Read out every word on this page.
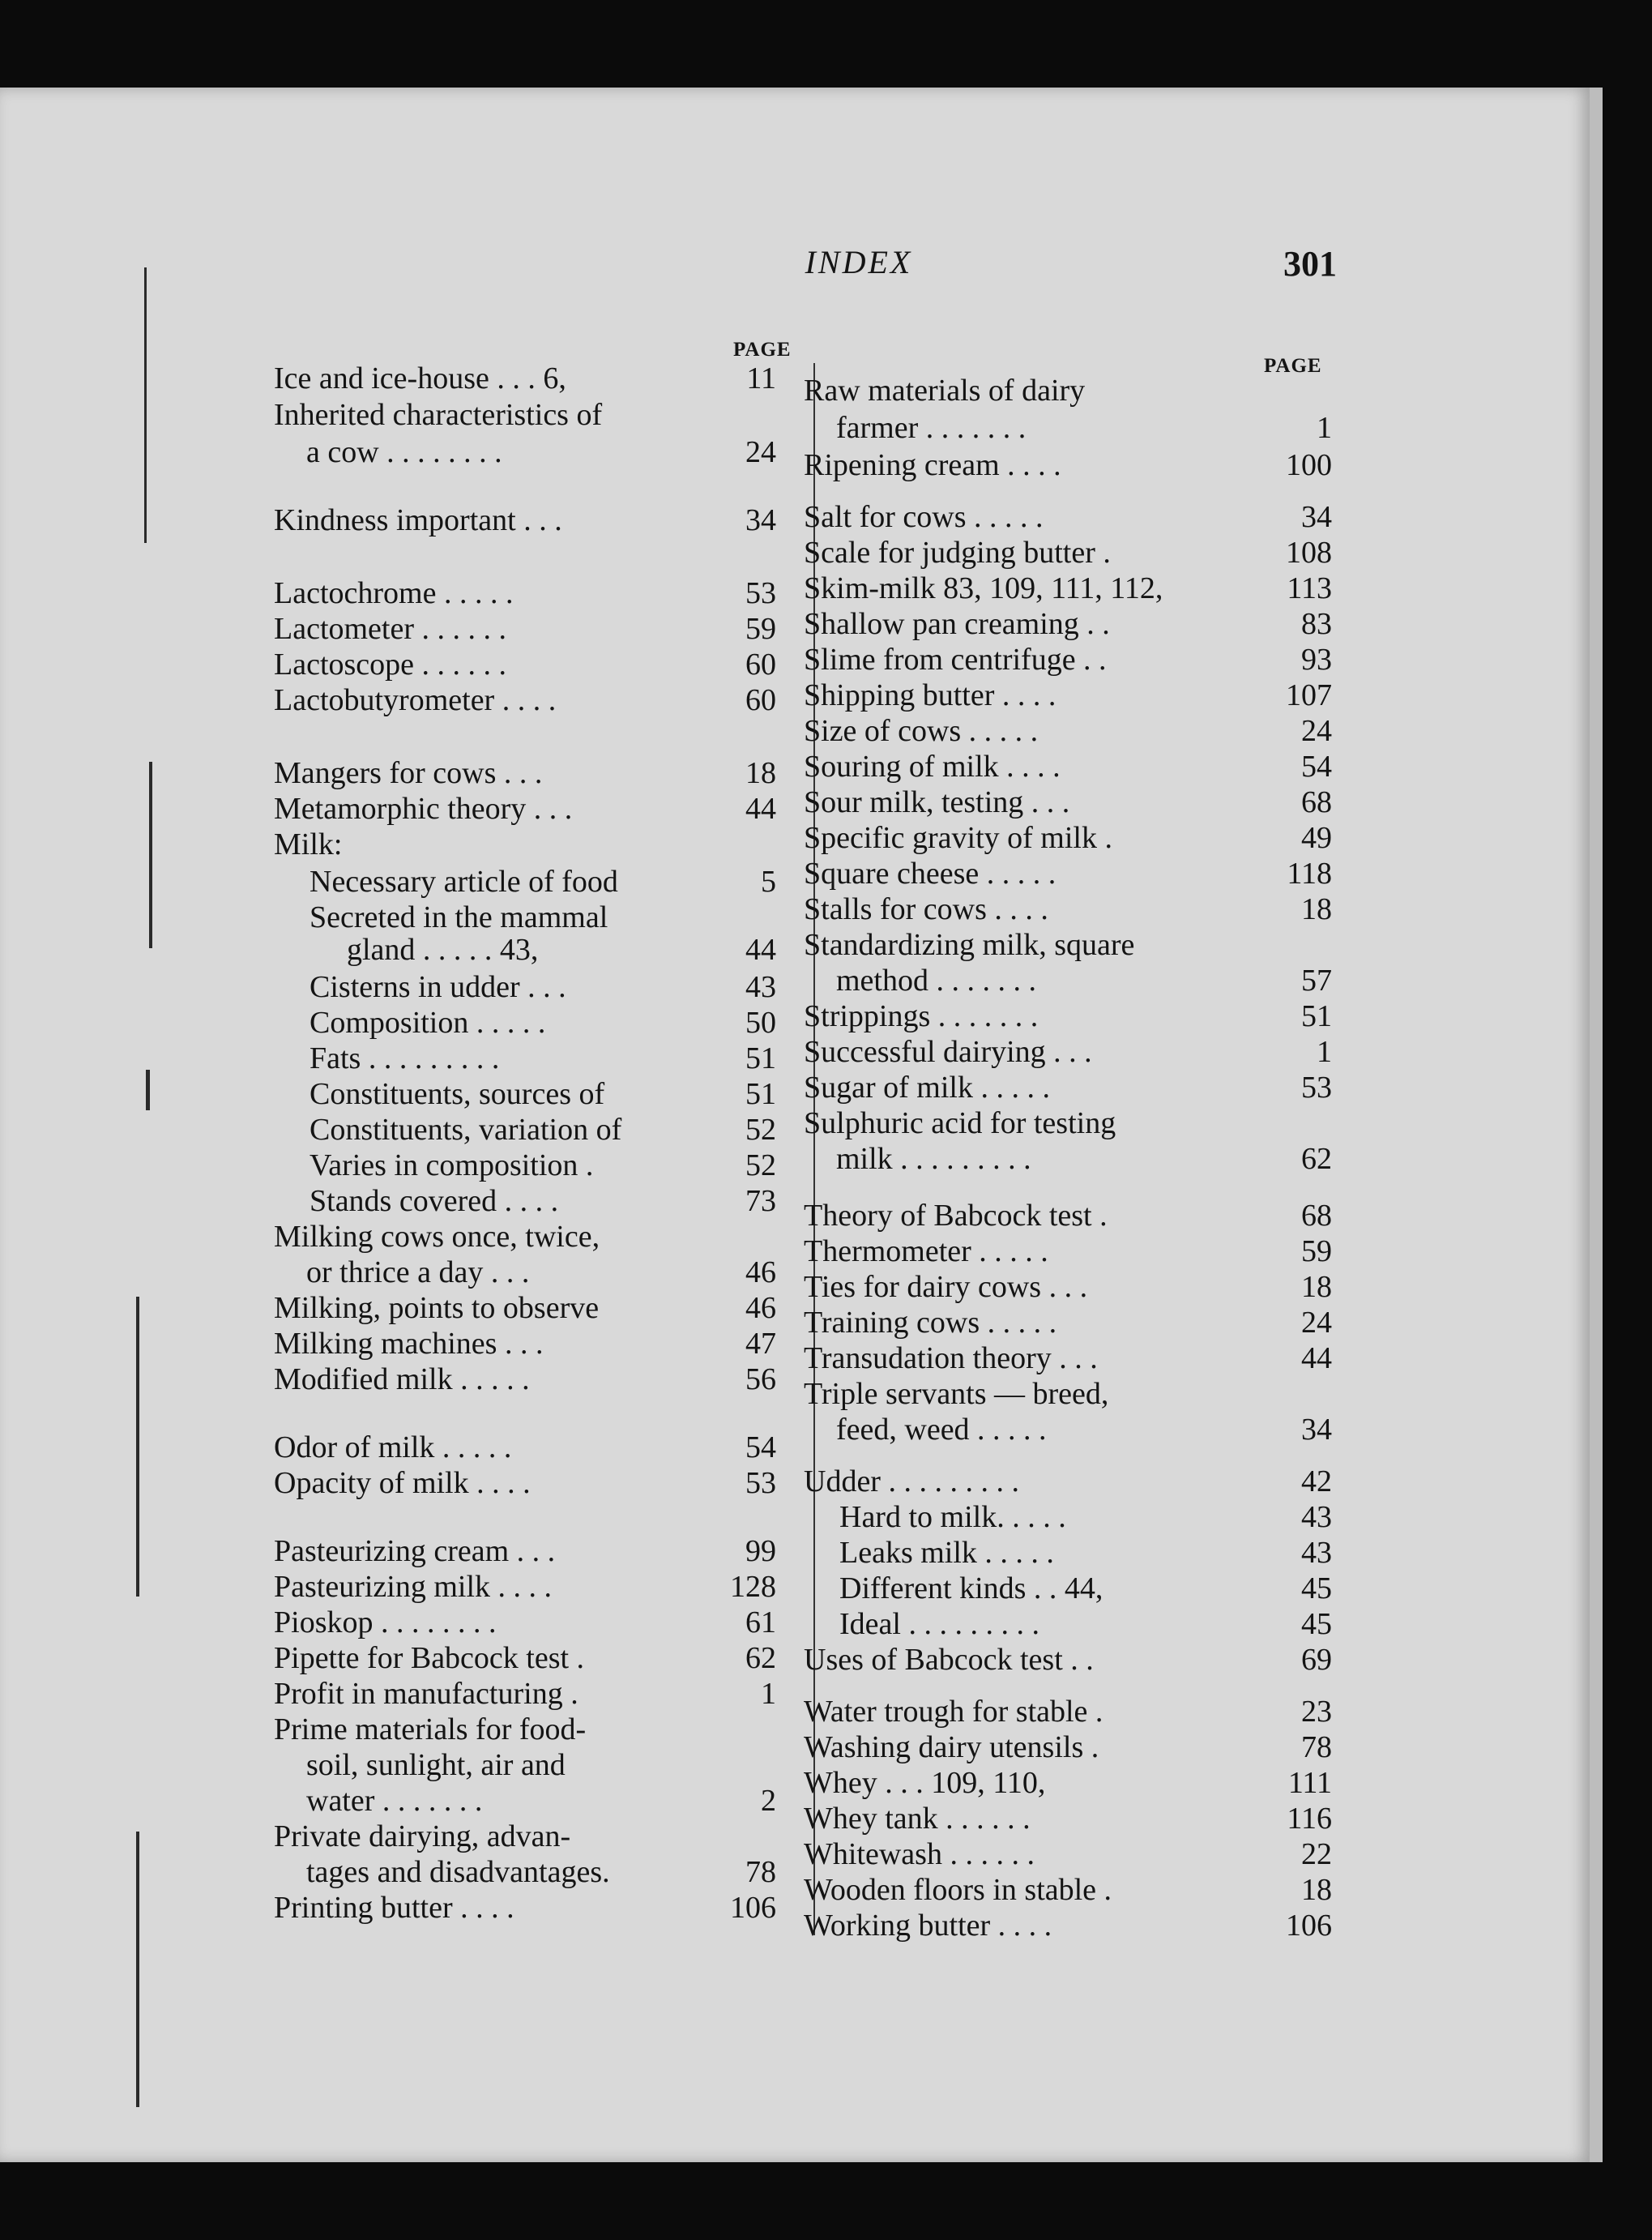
INDEX	301
PAGE
PAGE
Ice and ice-house . . . 6,	11
Inherited characteristics of
a cow . . . . . . . .	24
Kindness important . . .	34
Lactochrome . . . . .	53
Lactometer . . . . . .	59
Lactoscope . . . . . .	60
Lactobutyrometer . . . .	60
Mangers for cows . . .	18
Metamorphic theory . . .	44
Milk:
Necessary article of food	5
Secreted in the mammal
gland . . . . . 43,	44
Cisterns in udder . . .	43
Composition . . . . .	50
Fats . . . . . . . . .	51
Constituents, sources of	51
Constituents, variation of	52
Varies in composition .	52
Stands covered . . . .	73
Milking cows once, twice,
or thrice a day . . .	46
Milking, points to observe	46
Milking machines . . .	47
Modified milk . . . . .	56
Odor of milk . . . . .	54
Opacity of milk . . . .	53
Pasteurizing cream . . .	99
Pasteurizing milk . . . .	128
Pioskop . . . . . . . .	61
Pipette for Babcock test .	62
Profit in manufacturing .	1
Prime materials for food-
soil, sunlight, air and
water . . . . . . .	2
Private dairying, advan-
tages and disadvantages.	78
Printing butter . . . .	106
Raw materials of dairy
farmer . . . . . . .	1
Ripening cream . . . .	100
Salt for cows . . . . .	34
Scale for judging butter .	108
Skim-milk 83, 109, 111, 112,	113
Shallow pan creaming . .	83
Slime from centrifuge . .	93
Shipping butter . . . .	107
Size of cows . . . . .	24
Souring of milk . . . .	54
Sour milk, testing . . .	68
Specific gravity of milk .	49
Square cheese . . . . .	118
Stalls for cows . . . .	18
Standardizing milk, square
method . . . . . . .	57
Strippings . . . . . . .	51
Successful dairying . . .	1
Sugar of milk . . . . .	53
Sulphuric acid for testing
milk . . . . . . . . .	62
Theory of Babcock test .	68
Thermometer . . . . .	59
Ties for dairy cows . . .	18
Training cows . . . . .	24
Transudation theory . . .	44
Triple servants — breed,
feed, weed . . . . .	34
Udder . . . . . . . . .	42
Hard to milk. . . . .	43
Leaks milk . . . . .	43
Different kinds . . 44,	45
Ideal . . . . . . . . .	45
Uses of Babcock test . .	69
Water trough for stable .	23
Washing dairy utensils .	78
Whey . . . 109, 110,	111
Whey tank . . . . . .	116
Whitewash . . . . . .	22
Wooden floors in stable .	18
Working butter . . . .	106
